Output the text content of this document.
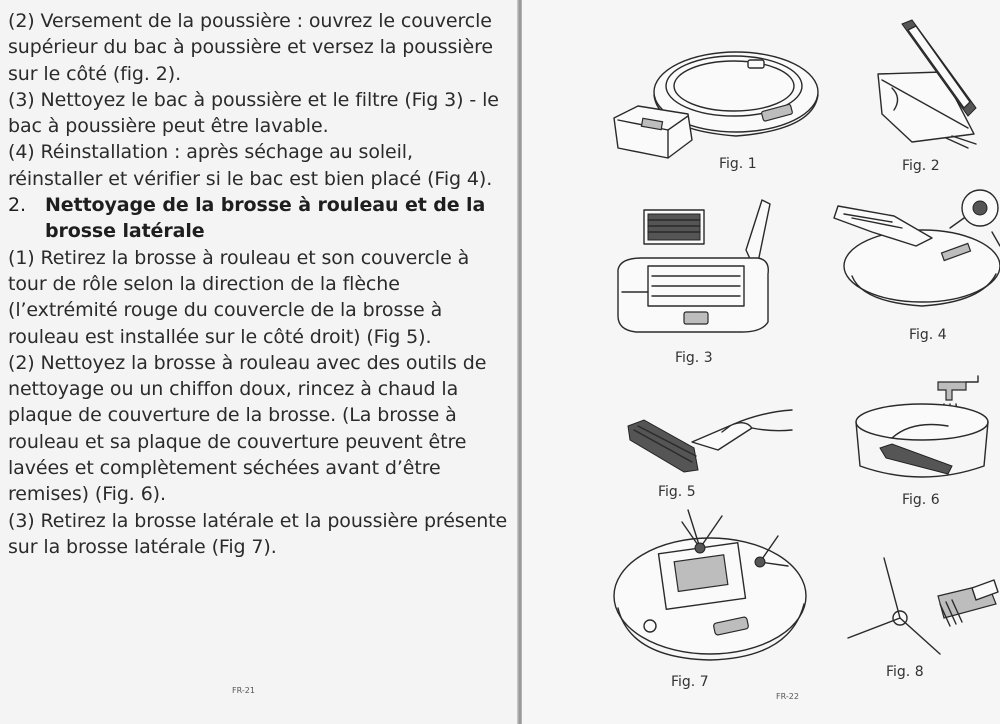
(2) Versement de la poussière : ouvrez le couvercle supérieur du bac à poussière et versez la poussière sur le côté (fig. 2).

(3) Nettoyez le bac à poussière et le filtre (Fig 3) - le bac à poussière peut être lavable.

(4) Réinstallation : après séchage au soleil, réinstaller et vérifier si le bac est bien placé (Fig 4).

2.	Nettoyage de la brosse à rouleau et de la brosse latérale

(1) Retirez la brosse à rouleau et son couvercle à tour de rôle selon la direction de la flèche (l’extrémité rouge du couvercle de la brosse à rouleau est installée sur le côté droit) (Fig 5).

(2) Nettoyez la brosse à rouleau avec des outils de nettoyage ou un chiffon doux, rincez à chaud la plaque de couverture de la brosse. (La brosse à rouleau et sa plaque de couverture peuvent être lavées et complètement séchées avant d’être remises) (Fig. 6).

(3) Retirez la brosse latérale et la poussière présente sur la brosse latérale (Fig 7).

FR-21
Fig. 1	Fig. 2
Fig. 3
Fig. 4
Fig. 5	Fig. 6
Fig. 7
Fig. 8
FR-22
